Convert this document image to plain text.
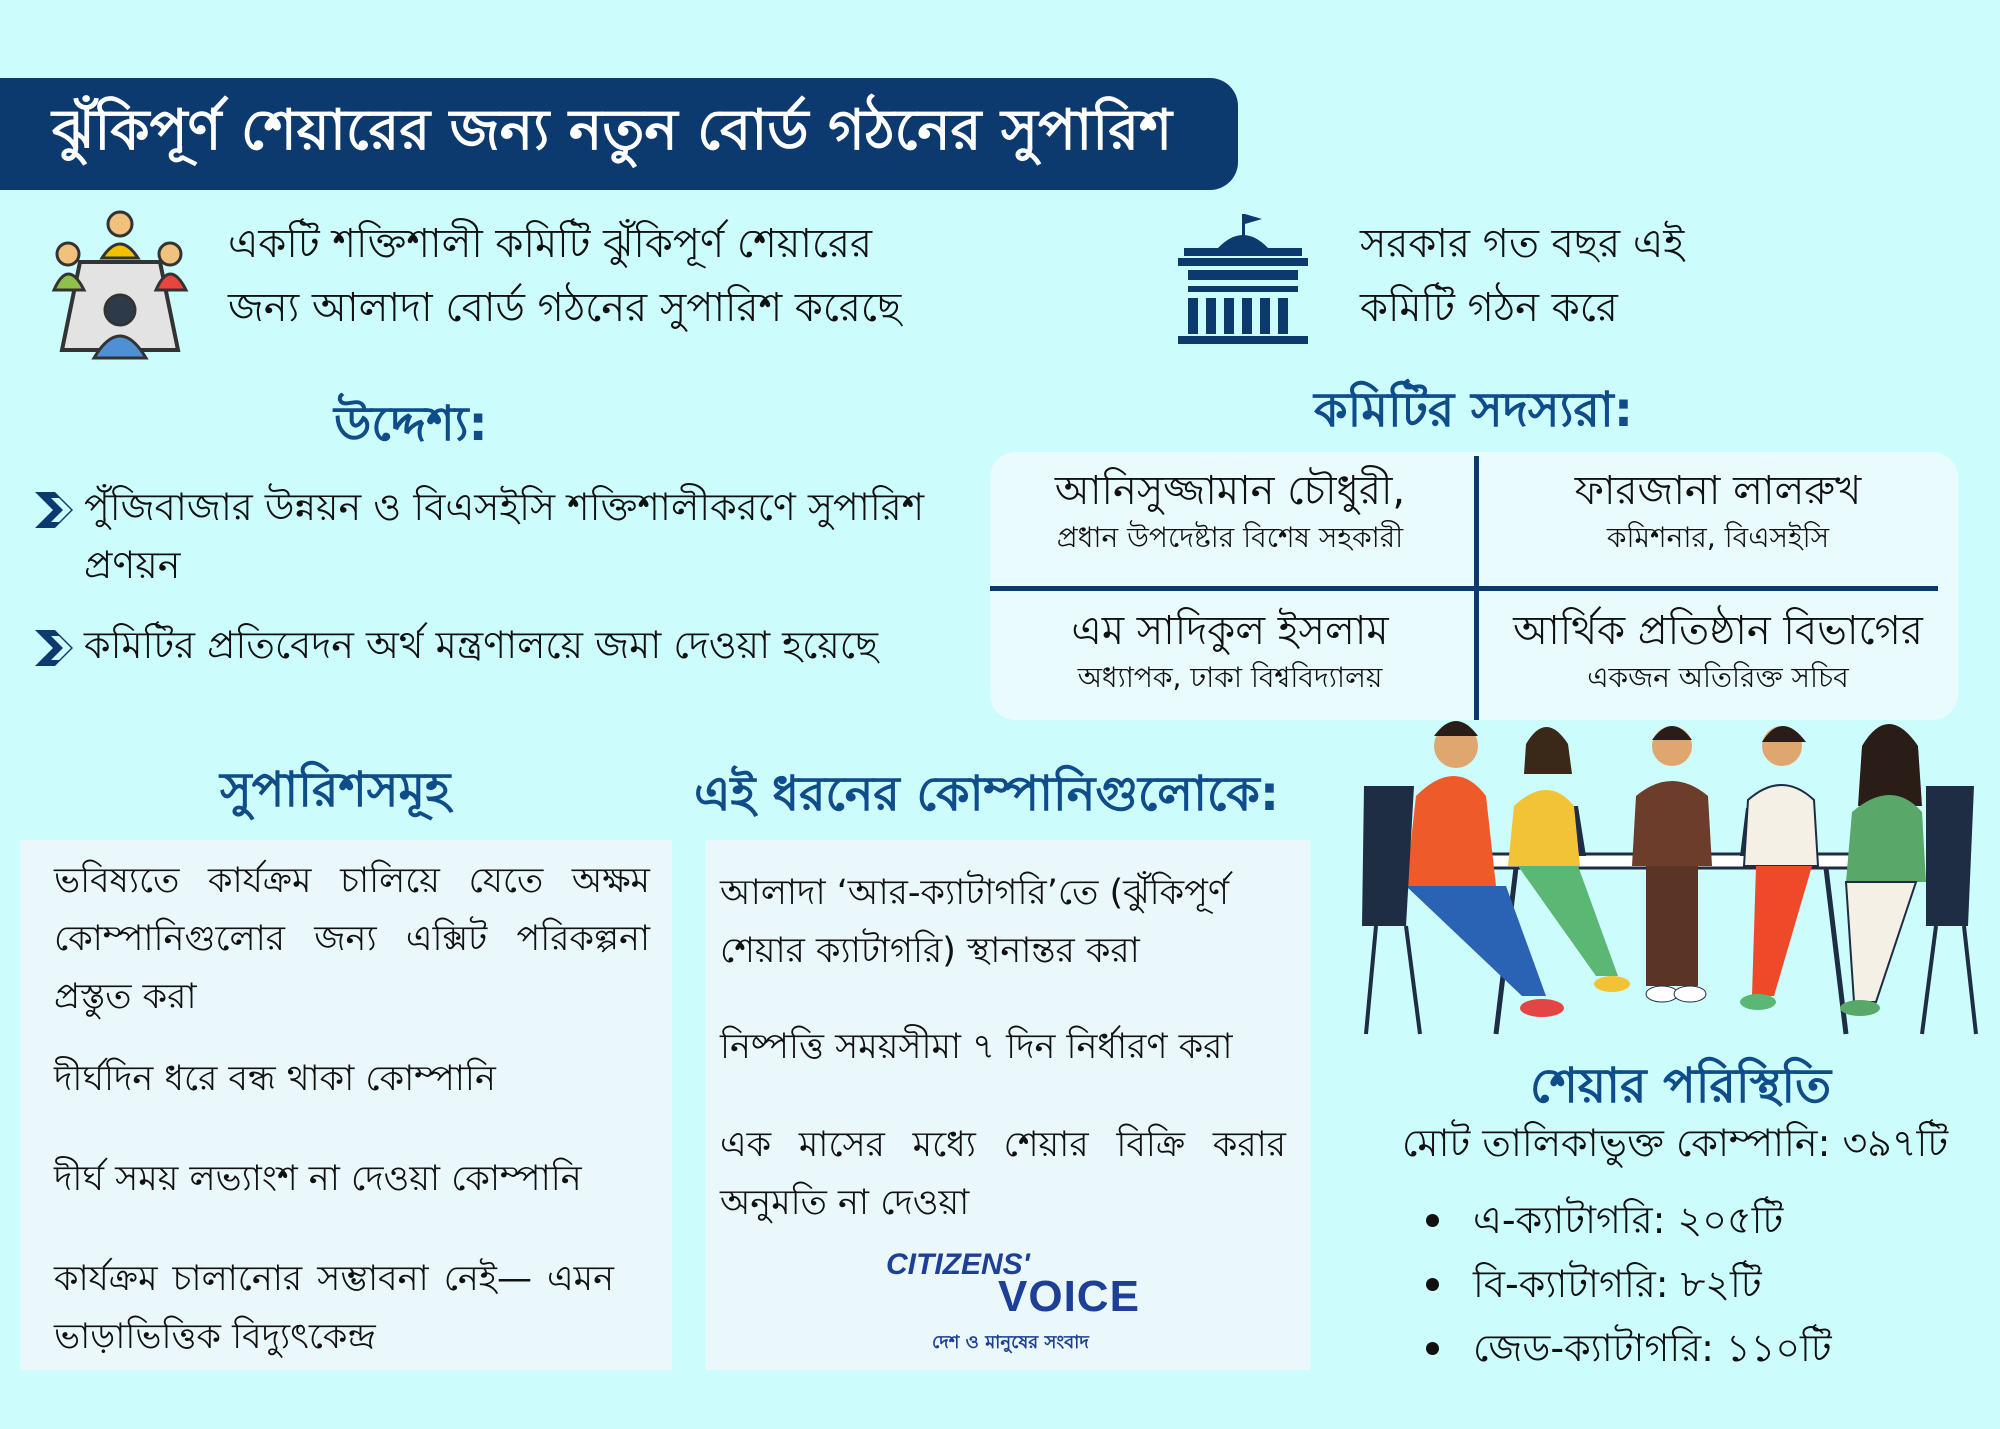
ঝুঁকিপূর্ণ শেয়ারের জন্য নতুন বোর্ড গঠনের সুপারিশ
একটি শক্তিশালী কমিটি ঝুঁকিপূর্ণ শেয়ারের
জন্য আলাদা বোর্ড গঠনের সুপারিশ করেছে
সরকার গত বছর এই
কমিটি গঠন করে
উদ্দেশ্য:
পুঁজিবাজার উন্নয়ন ও বিএসইসি শক্তিশালীকরণে সুপারিশ প্রণয়ন
কমিটির প্রতিবেদন অর্থ মন্ত্রণালয়ে জমা দেওয়া হয়েছে
কমিটির সদস্যরা:
আনিসুজ্জামান চৌধুরী,
প্রধান উপদেষ্টার বিশেষ সহকারী
ফারজানা লালরুখ
কমিশনার, বিএসইসি
এম সাদিকুল ইসলাম
অধ্যাপক, ঢাকা বিশ্ববিদ্যালয়
আর্থিক প্রতিষ্ঠান বিভাগের
একজন অতিরিক্ত সচিব
সুপারিশসমূহ
ভবিষ্যতে কার্যক্রম চালিয়ে যেতে অক্ষম কোম্পানিগুলোর জন্য এক্সিট পরিকল্পনা প্রস্তুত করা
দীর্ঘদিন ধরে বন্ধ থাকা কোম্পানি
দীর্ঘ সময় লভ্যাংশ না দেওয়া কোম্পানি
কার্যক্রম চালানোর সম্ভাবনা নেই— এমন ভাড়াভিত্তিক বিদ্যুৎকেন্দ্র
এই ধরনের কোম্পানিগুলোকে:
আলাদা ‘আর-ক্যাটাগরি’তে (ঝুঁকিপূর্ণ শেয়ার ক্যাটাগরি) স্থানান্তর করা
নিষ্পত্তি সময়সীমা ৭ দিন নির্ধারণ করা
এক মাসের মধ্যে শেয়ার বিক্রি করার অনুমতি না দেওয়া
CITIZENS'
VOICE
দেশ ও মানুষের সংবাদ
শেয়ার পরিস্থিতি
মোট তালিকাভুক্ত কোম্পানি: ৩৯৭টি
এ-ক্যাটাগরি: ২০৫টি
বি-ক্যাটাগরি: ৮২টি
জেড-ক্যাটাগরি: ১১০টি
